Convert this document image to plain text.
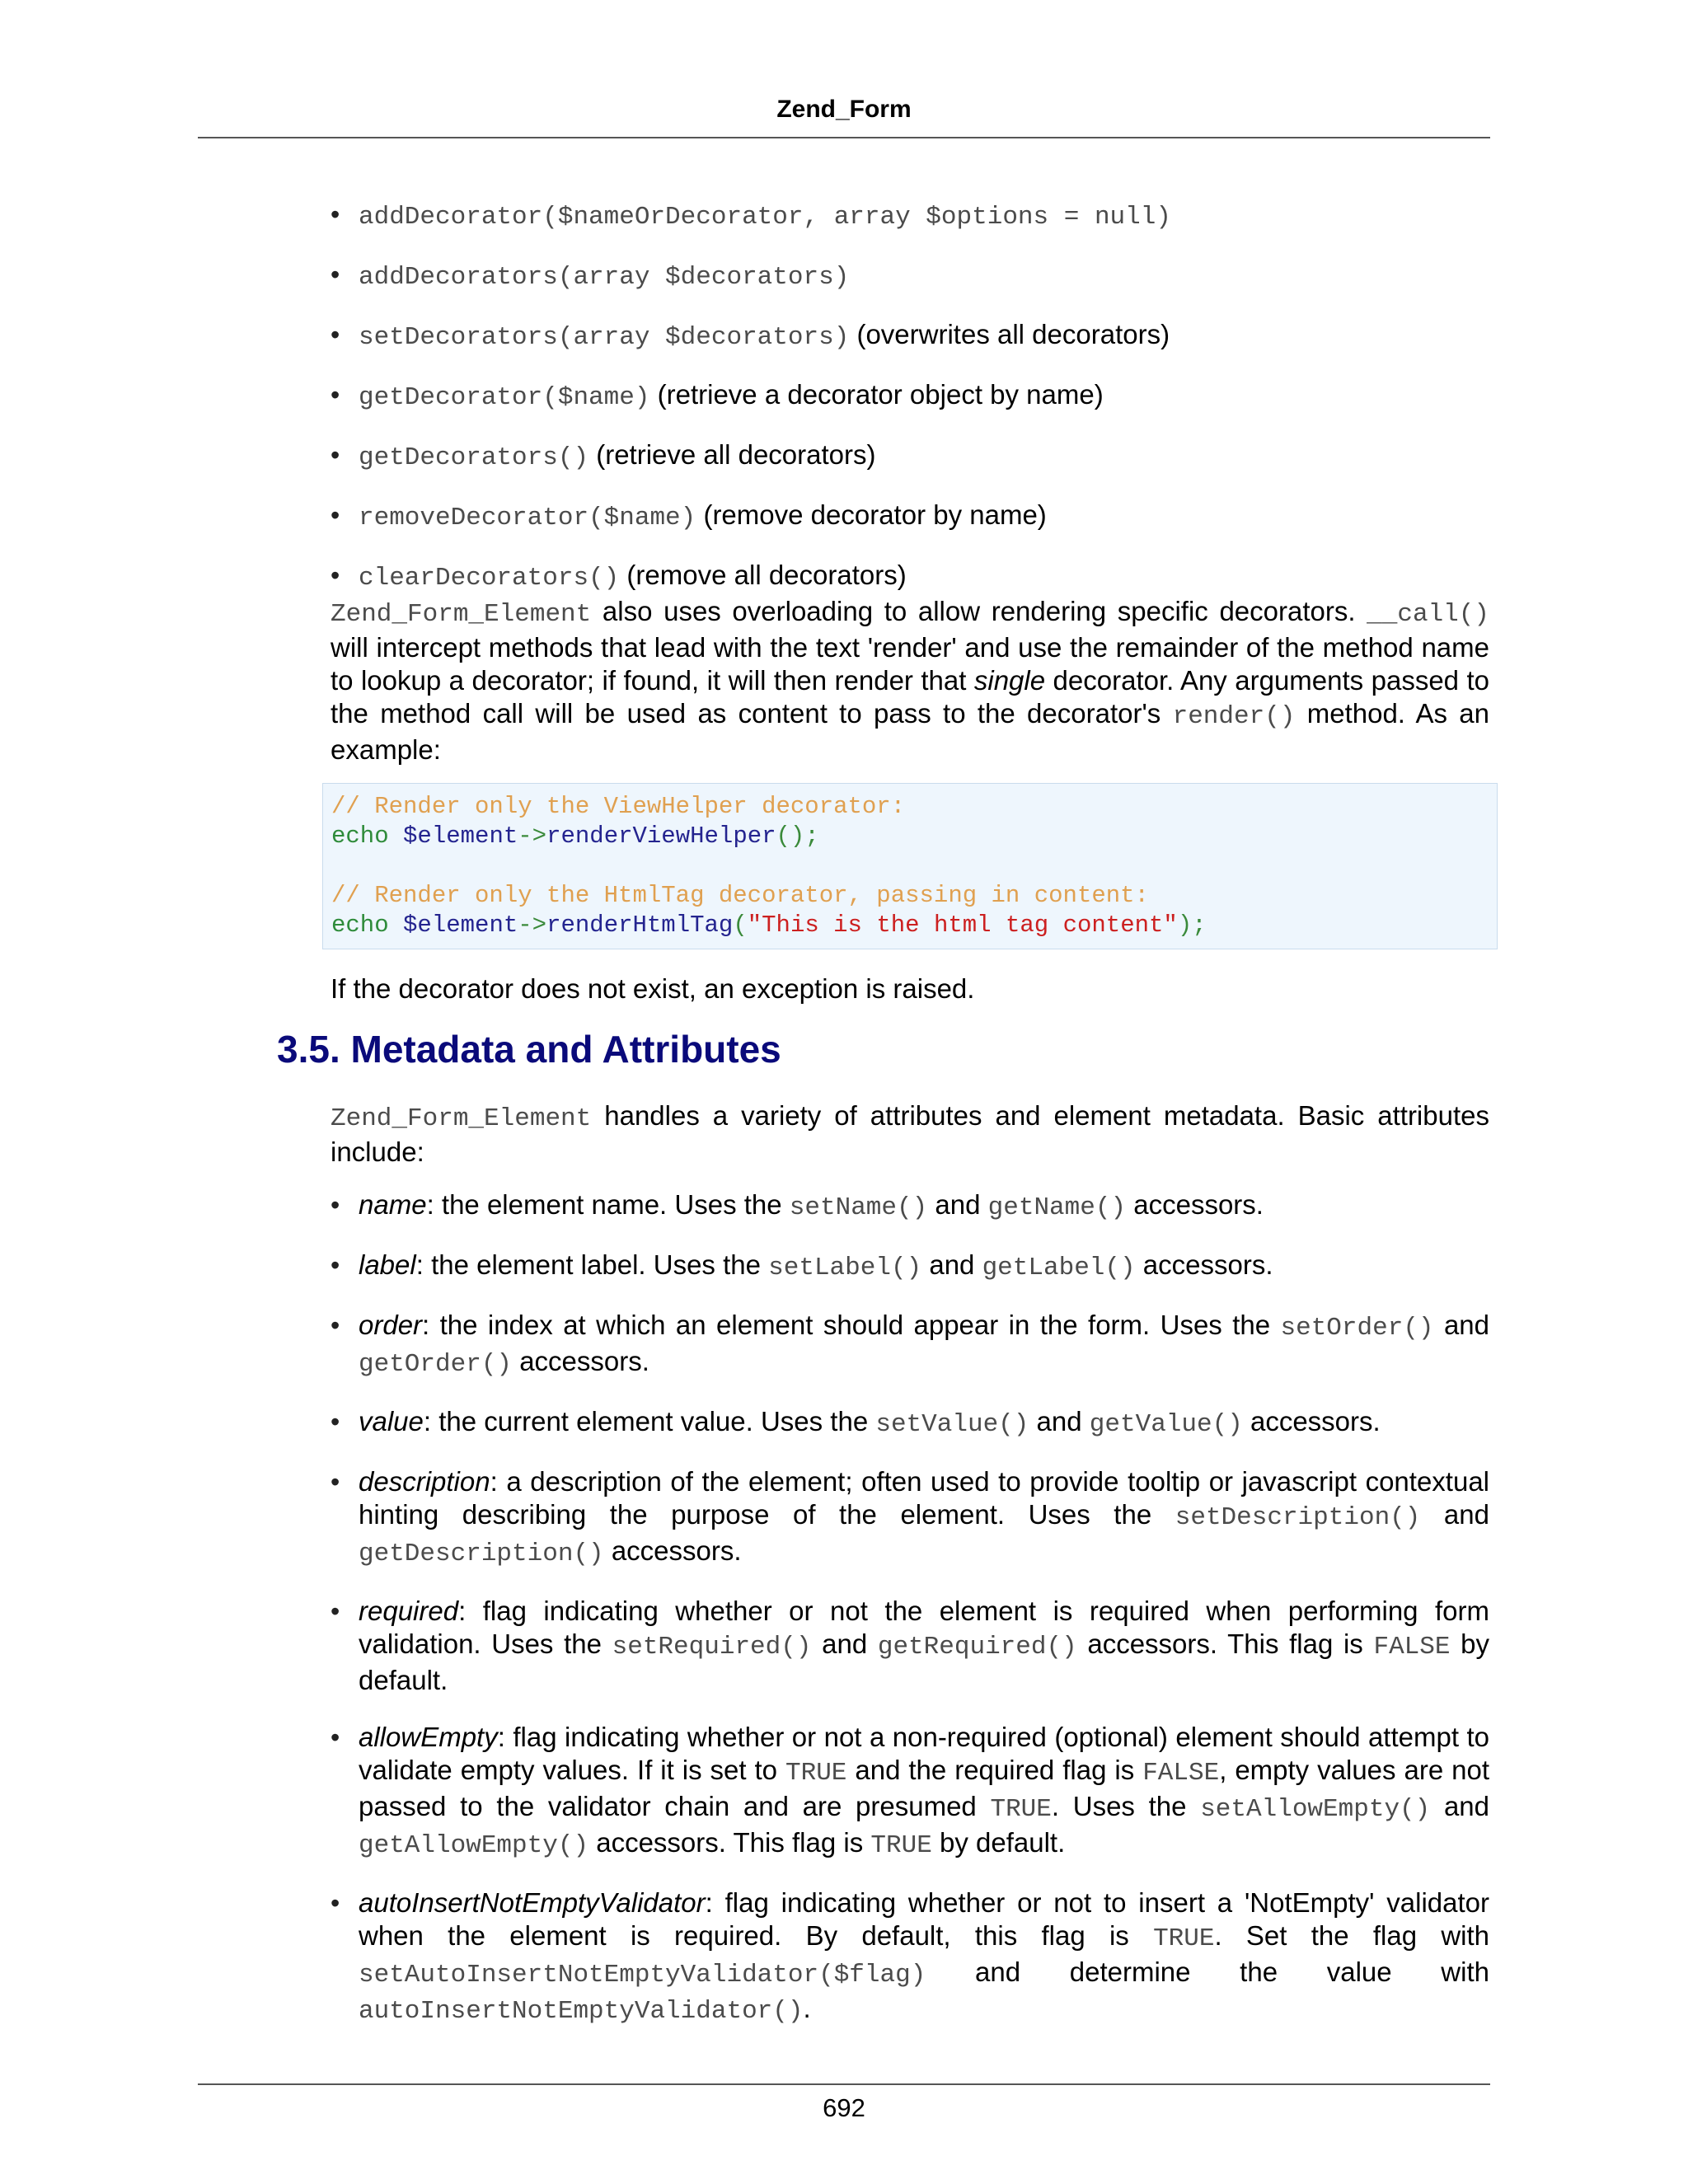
Zend_Form
• addDecorator($nameOrDecorator, array $options = null)
• addDecorators(array $decorators)
• setDecorators(array $decorators) (overwrites all decorators)
• getDecorator($name) (retrieve a decorator object by name)
• getDecorators() (retrieve all decorators)
• removeDecorator($name) (remove decorator by name)
• clearDecorators() (remove all decorators)

Zend_Form_Element also uses overloading to allow rendering specific decorators. __call() will intercept methods that lead with the text 'render' and use the remainder of the method name to lookup a decorator; if found, it will then render that single decorator. Any arguments passed to the method call will be used as content to pass to the decorator's render() method. As an example:

// Render only the ViewHelper decorator:
echo $element->renderViewHelper();

// Render only the HtmlTag decorator, passing in content:
echo $element->renderHtmlTag("This is the html tag content");

If the decorator does not exist, an exception is raised.

3.5. Metadata and Attributes

Zend_Form_Element handles a variety of attributes and element metadata. Basic attributes include:

• name: the element name. Uses the setName() and getName() accessors.
• label: the element label. Uses the setLabel() and getLabel() accessors.
• order: the index at which an element should appear in the form. Uses the setOrder() and getOrder() accessors.
• value: the current element value. Uses the setValue() and getValue() accessors.
• description: a description of the element; often used to provide tooltip or javascript contextual hinting describing the purpose of the element. Uses the setDescription() and getDescription() accessors.
• required: flag indicating whether or not the element is required when performing form validation. Uses the setRequired() and getRequired() accessors. This flag is FALSE by default.
• allowEmpty: flag indicating whether or not a non-required (optional) element should attempt to validate empty values. If it is set to TRUE and the required flag is FALSE, empty values are not passed to the validator chain and are presumed TRUE. Uses the setAllowEmpty() and getAllowEmpty() accessors. This flag is TRUE by default.
• autoInsertNotEmptyValidator: flag indicating whether or not to insert a 'NotEmpty' validator when the element is required. By default, this flag is TRUE. Set the flag with setAutoInsertNotEmptyValidator($flag) and determine the value with autoInsertNotEmptyValidator().
692
